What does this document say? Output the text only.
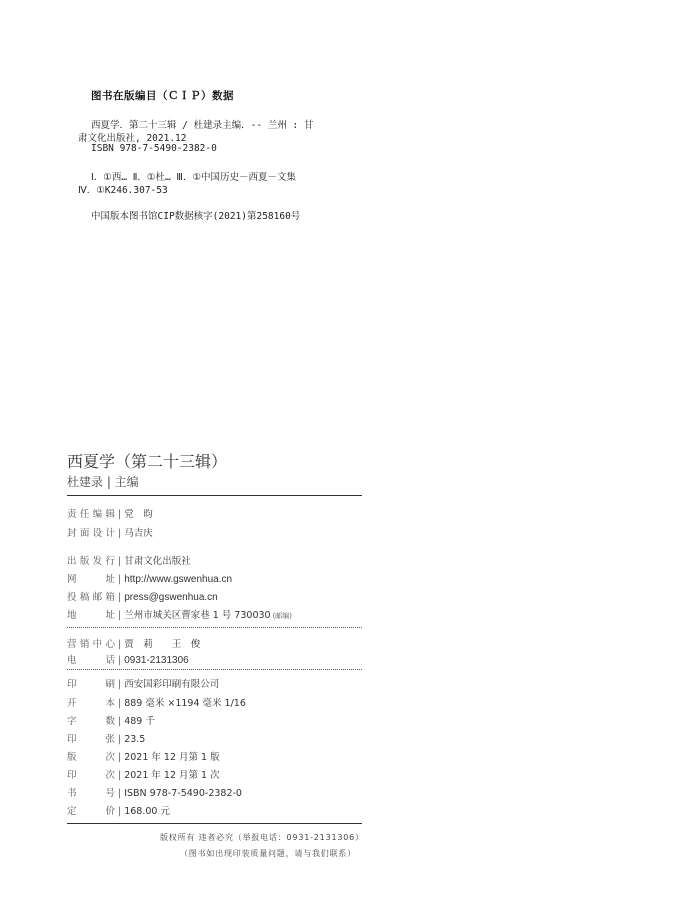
图书在版编目（ＣＩＰ）数据
西夏学．第二十三辑 / 杜建录主编．-- 兰州 : 甘
肃文化出版社, 2021.12
ISBN 978-7-5490-2382-0
Ⅰ．①西… Ⅱ．①杜… Ⅲ．①中国历史－西夏－文集
Ⅳ．①K246.307-53
中国版本图书馆CIP数据核字(2021)第258160号
西夏学（第二十三辑）
杜建录 | 主编
责任编辑 | 党　昀
封面设计 | 马吉庆
出版发行 | 甘肃文化出版社
网　　址 | http://www.gswenhua.cn
投稿邮箱 | press@gswenhua.cn
地　　址 | 兰州市城关区曹家巷 1 号 730030 (邮编)
营销中心 | 贾　莉　　王　俊
电　　话 | 0931-2131306
印　　刷 | 西安国彩印刷有限公司
开　　本 | 889 毫米 ×1194 毫米 1/16
字　　数 | 489 千
印　　张 | 23.5
版　　次 | 2021 年 12 月第 1 版
印　　次 | 2021 年 12 月第 1 次
书　　号 | ISBN 978-7-5490-2382-0
定　　价 | 168.00 元
版权所有 违者必究（举报电话：0931-2131306）
（图书如出现印装质量问题，请与我们联系）
